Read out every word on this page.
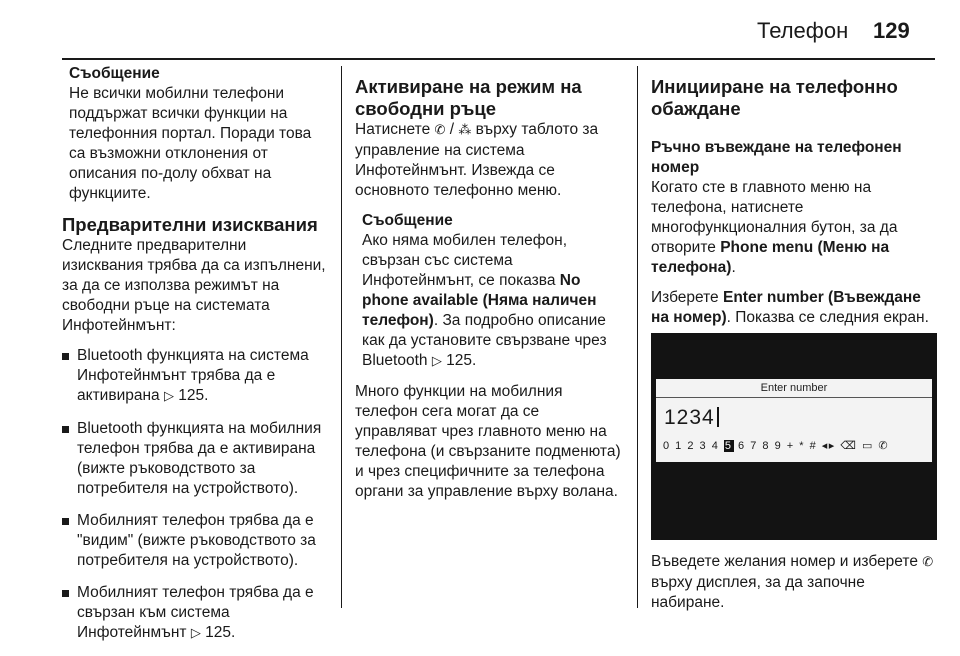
Телефон 129

Съобщение

Не всички мобилни телефони поддържат всички функции на телефонния портал. Поради това са възможни отклонения от описания по-долу обхват на функциите.

Предварителни изисквания

Следните предварителни изисквания трябва да са изпълнени, за да се използва режимът на свободни ръце на системата Инфотейнмънт:

Bluetooth функцията на система Инфотейнмънт трябва да е активирана ▷ 125.
Bluetooth функцията на мобилния телефон трябва да е активирана (вижте ръководството за потребителя на устройството).
Мобилният телефон трябва да е "видим" (вижте ръководството за потребителя на устройството).
Мобилният телефон трябва да е свързан към система Инфотейнмънт ▷ 125.
Активиране на режим на свободни ръце

Натиснете ✆ / ⁂ върху таблото за управление на система Инфотейнмънт. Извежда се основното телефонно меню.

Съобщение

Ако няма мобилен телефон, свързан със система Инфотейнмънт, се показва No phone available (Няма наличен телефон). За подробно описание как да установите свързване чрез Bluetooth ▷ 125.

Много функции на мобилния телефон сега могат да се управляват чрез главното меню на телефона (и свързаните подменюта) и чрез специфичните за телефона органи за управление върху волана.

Иницииране на телефонно обаждане
Ръчно въвеждане на телефонен номер

Когато сте в главното меню на телефона, натиснете многофункционалния бутон, за да отворите Phone menu (Меню на телефона).

Изберете Enter number (Въвеждане на номер). Показва се следния екран.

Enter number
1234
0 1 2 3 4 5 6 7 8 9 + * # ◂▸ ⌫ ▭ ✆

Въведете желания номер и изберете ✆ върху дисплея, за да започне набиране.
